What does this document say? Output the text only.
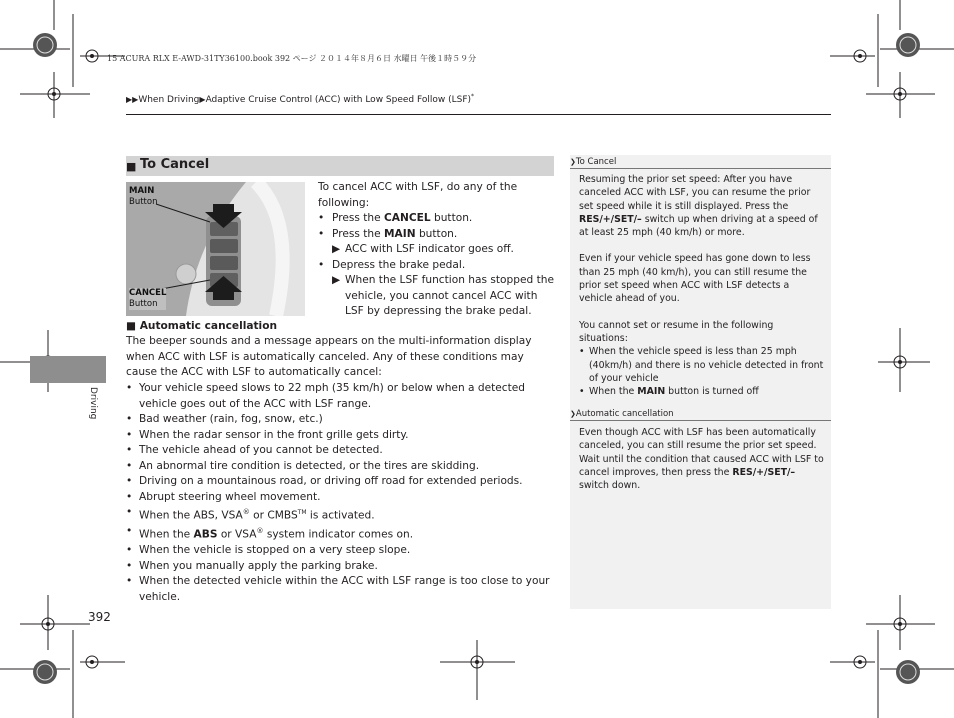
15 ACURA RLX E-AWD-31TY36100.book 392 ページ ２０１４年８月６日 水曜日 午後１時５９分
▶▶When Driving▶Adaptive Cruise Control (ACC) with Low Speed Follow (LSF)*
Driving
■ To Cancel
MAIN
Button
CANCEL
Button
To cancel ACC with LSF, do any of the following:
• Press the CANCEL button.
• Press the MAIN button.
▶ ACC with LSF indicator goes off.
• Depress the brake pedal.
▶ When the LSF function has stopped the vehicle, you cannot cancel ACC with LSF by depressing the brake pedal.
■ Automatic cancellation
The beeper sounds and a message appears on the multi-information display when ACC with LSF is automatically canceled. Any of these conditions may cause the ACC with LSF to automatically cancel:
• Your vehicle speed slows to 22 mph (35 km/h) or below when a detected vehicle goes out of the ACC with LSF range.
• Bad weather (rain, fog, snow, etc.)
• When the radar sensor in the front grille gets dirty.
• The vehicle ahead of you cannot be detected.
• An abnormal tire condition is detected, or the tires are skidding.
• Driving on a mountainous road, or driving off road for extended periods.
• Abrupt steering wheel movement.
• When the ABS, VSA® or CMBS™ is activated.
• When the ABS or VSA® system indicator comes on.
• When the vehicle is stopped on a very steep slope.
• When you manually apply the parking brake.
• When the detected vehicle within the ACC with LSF range is too close to your vehicle.
392
❯To Cancel

Resuming the prior set speed: After you have canceled ACC with LSF, you can resume the prior set speed while it is still displayed. Press the RES/+/SET/– switch up when driving at a speed of at least 25 mph (40 km/h) or more.

Even if your vehicle speed has gone down to less than 25 mph (40 km/h), you can still resume the prior set speed when ACC with LSF detects a vehicle ahead of you.

You cannot set or resume in the following situations:

• When the vehicle speed is less than 25 mph (40km/h) and there is no vehicle detected in front of your vehicle
• When the MAIN button is turned off
❯Automatic cancellation

Even though ACC with LSF has been automatically canceled, you can still resume the prior set speed. Wait until the condition that caused ACC with LSF to cancel improves, then press the RES/+/SET/– switch down.
